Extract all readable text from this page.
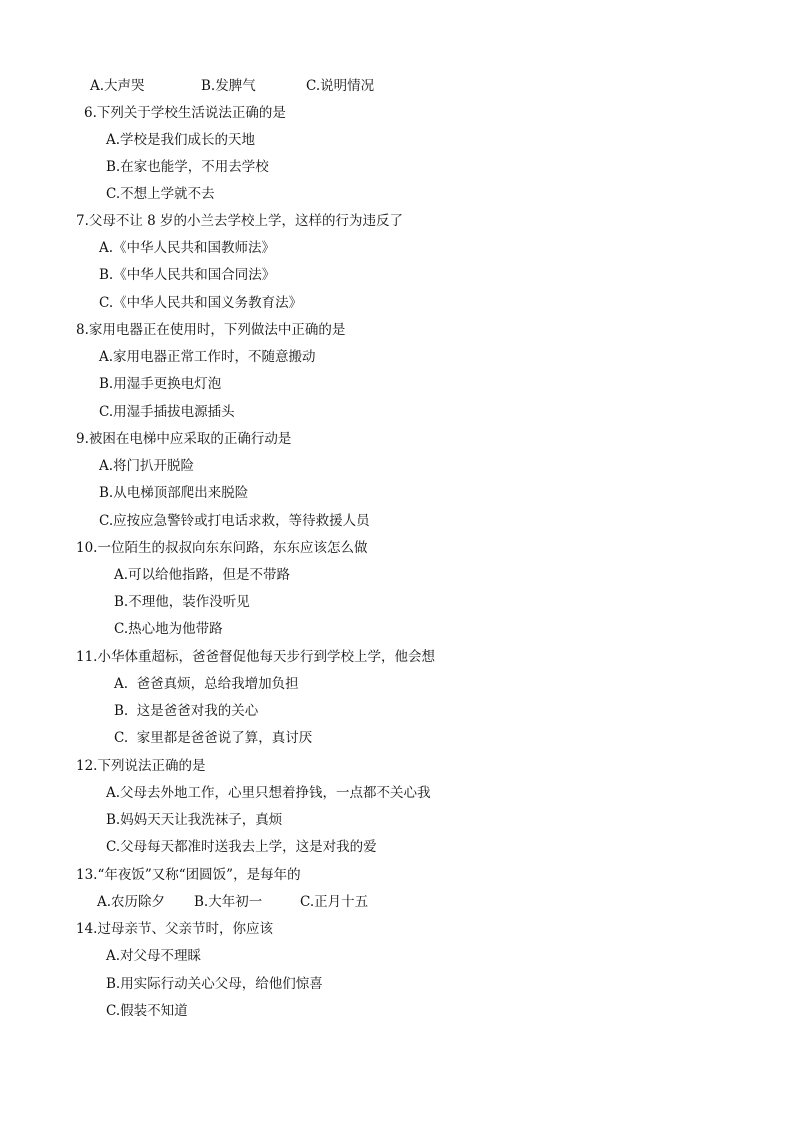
A.大声哭	B.发脾气	C.说明情况
6.下列关于学校生活说法正确的是
A.学校是我们成长的天地
B.在家也能学，不用去学校
C.不想上学就不去
7.父母不让 8 岁的小兰去学校上学，这样的行为违反了
A.《中华人民共和国教师法》
B.《中华人民共和国合同法》
C.《中华人民共和国义务教育法》
8.家用电器正在使用时，下列做法中正确的是
A.家用电器正常工作时，不随意搬动
B.用湿手更换电灯泡
C.用湿手插拔电源插头
9.被困在电梯中应采取的正确行动是
A.将门扒开脱险
B.从电梯顶部爬出来脱险
C.应按应急警铃或打电话求救，等待救援人员
10.一位陌生的叔叔向东东问路，东东应该怎么做
A.可以给他指路，但是不带路
B.不理他，装作没听见
C.热心地为他带路
11.小华体重超标，爸爸督促他每天步行到学校上学，他会想
A.  爸爸真烦，总给我增加负担
B.  这是爸爸对我的关心
C.  家里都是爸爸说了算，真讨厌
12.下列说法正确的是
A.父母去外地工作，心里只想着挣钱，一点都不关心我
B.妈妈天天让我洗袜子，真烦
C.父母每天都准时送我去上学，这是对我的爱
13.“年夜饭”又称“团圆饭”，是每年的
A.农历除夕 B.大年初一	C.正月十五
14.过母亲节、父亲节时，你应该
A.对父母不理睬
B.用实际行动关心父母，给他们惊喜
C.假装不知道
